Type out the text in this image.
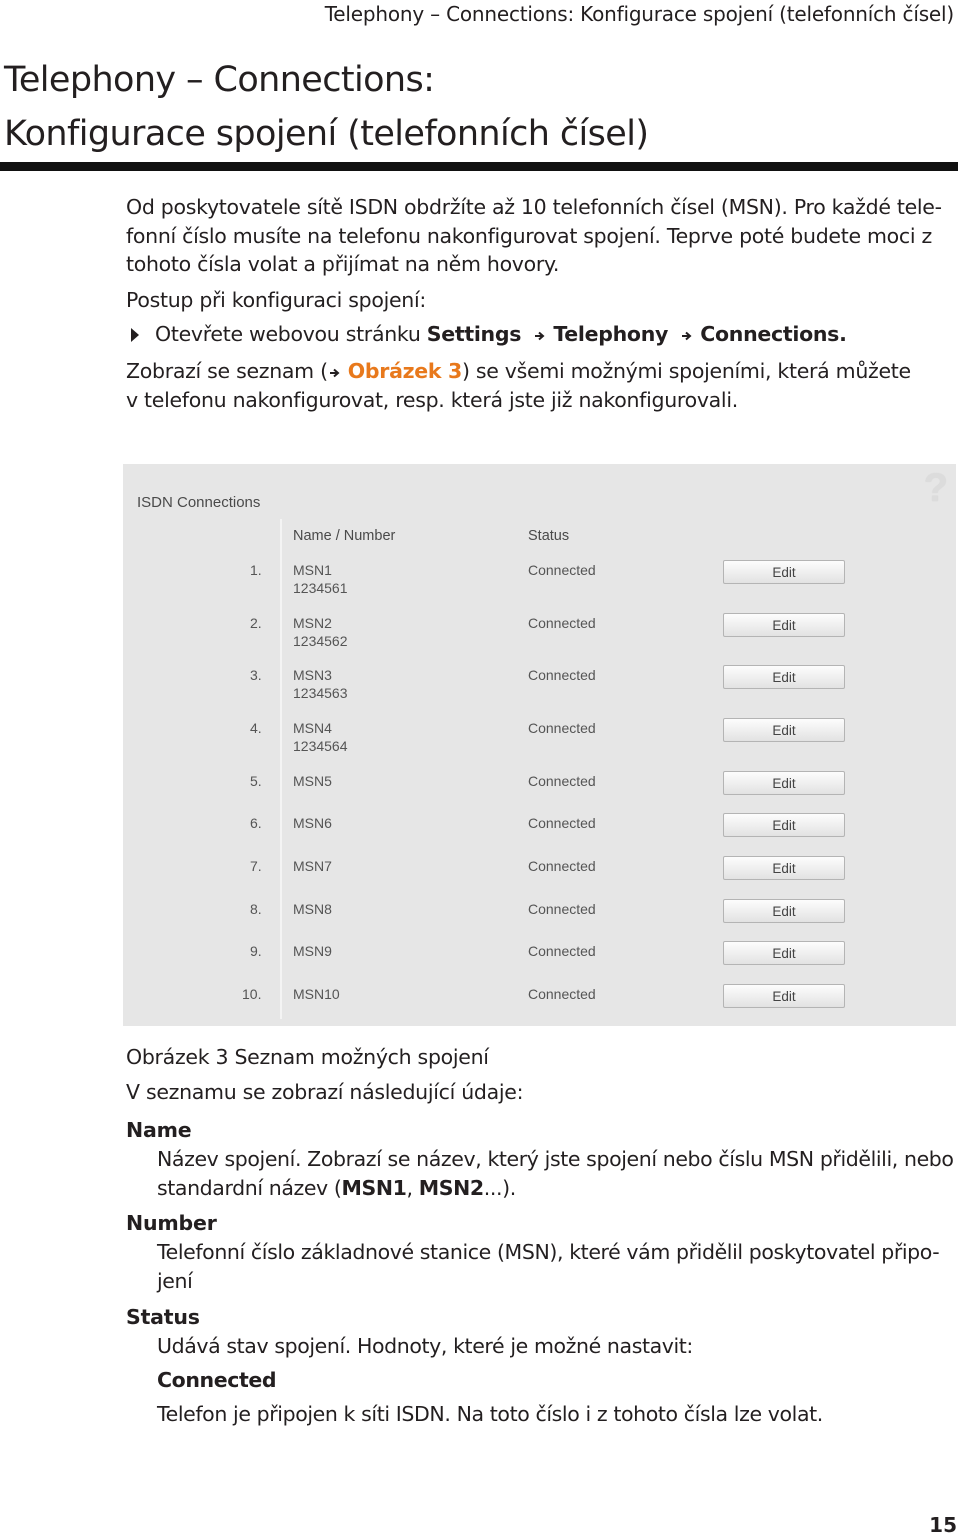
Telephony – Connections: Konfigurace spojení (telefonních čísel)
Telephony – Connections:
Konfigurace spojení (telefonních čísel)
Od poskytovatele sítě ISDN obdržíte až 10 telefonních čísel (MSN). Pro každé tele-
fonní číslo musíte na telefonu nakonfigurovat spojení. Teprve poté budete moci z
tohoto čísla volat a přijímat na něm hovory.
Postup při konfiguraci spojení:
Otevřete webovou stránku Settings Telephony Connections.
Zobrazí se seznam ( Obrázek 3) se všemi možnými spojeními, která můžete
v telefonu nakonfigurovat, resp. která jste již nakonfigurovali.
ISDN Connections	?
Name / Number	Status
1. MSN1
1234561
Connected	Edit
2. MSN2
1234562
Connected	Edit
3. MSN3
1234563
Connected	Edit
4. MSN4
1234564
Connected	Edit
5. MSN5	Connected	Edit
6. MSN6	Connected	Edit
7. MSN7	Connected	Edit
8. MSN8	Connected	Edit
9. MSN9	Connected	Edit
10. MSN10	Connected	Edit
Obrázek 3 Seznam možných spojení
V seznamu se zobrazí následující údaje:
Name
Název spojení. Zobrazí se název, který jste spojení nebo číslu MSN přidělili, nebo
standardní název (MSN1, MSN2...).
Number
Telefonní číslo základnové stanice (MSN), které vám přidělil poskytovatel připo-
jení
Status
Udává stav spojení. Hodnoty, které je možné nastavit:
Connected
Telefon je připojen k síti ISDN. Na toto číslo i z tohoto čísla lze volat.
15
